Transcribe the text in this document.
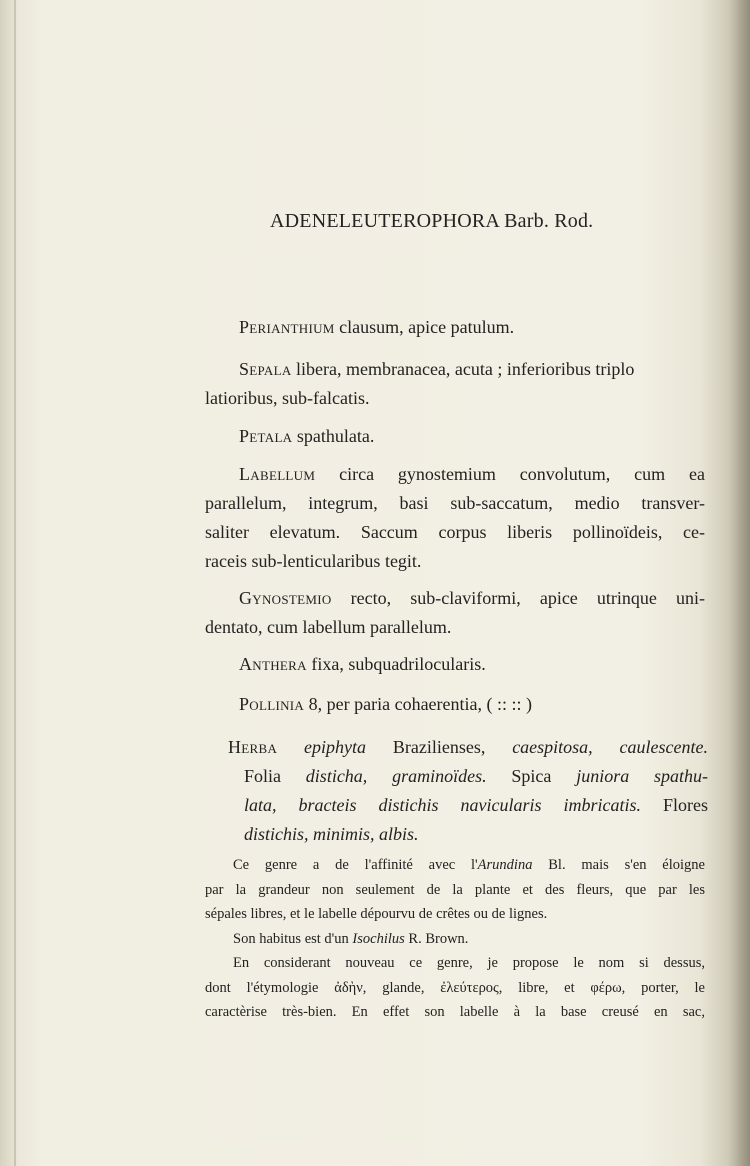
ADENELEUTEROPHORA Barb. Rod.

Perianthium clausum, apice patulum.

Sepala libera, membranacea, acuta ; inferioribus triplo

latioribus, sub-falcatis.

Petala spathulata.

Labellum circa gynostemium convolutum, cum ea

parallelum, integrum, basi sub-saccatum, medio transver-

saliter elevatum. Saccum corpus liberis pollinoïdeis, ce-

raceis sub-lenticularibus tegit.

Gynostemio recto, sub-claviformi, apice utrinque uni-

dentato, cum labellum parallelum.

Anthera fixa, subquadrilocularis.

Pollinia 8, per paria cohaerentia, ( :: :: )

Herba epiphyta Brazilienses, caespitosa, caulescente.

Folia disticha, graminoïdes. Spica juniora spathu-

lata, bracteis distichis navicularis imbricatis. Flores

distichis, minimis, albis.

Ce genre a de l'affinité avec l'Arundina Bl. mais s'en éloigne

par la grandeur non seulement de la plante et des fleurs, que par les

sépales libres, et le labelle dépourvu de crêtes ou de lignes.

Son habitus est d'un Isochilus R. Brown.

En considerant nouveau ce genre, je propose le nom si dessus,

dont l'étymologie ἀδὴν, glande, ἐλεύτερος, libre, et φέρω, porter, le

caractèrise très-bien. En effet son labelle à la base creusé en sac,
